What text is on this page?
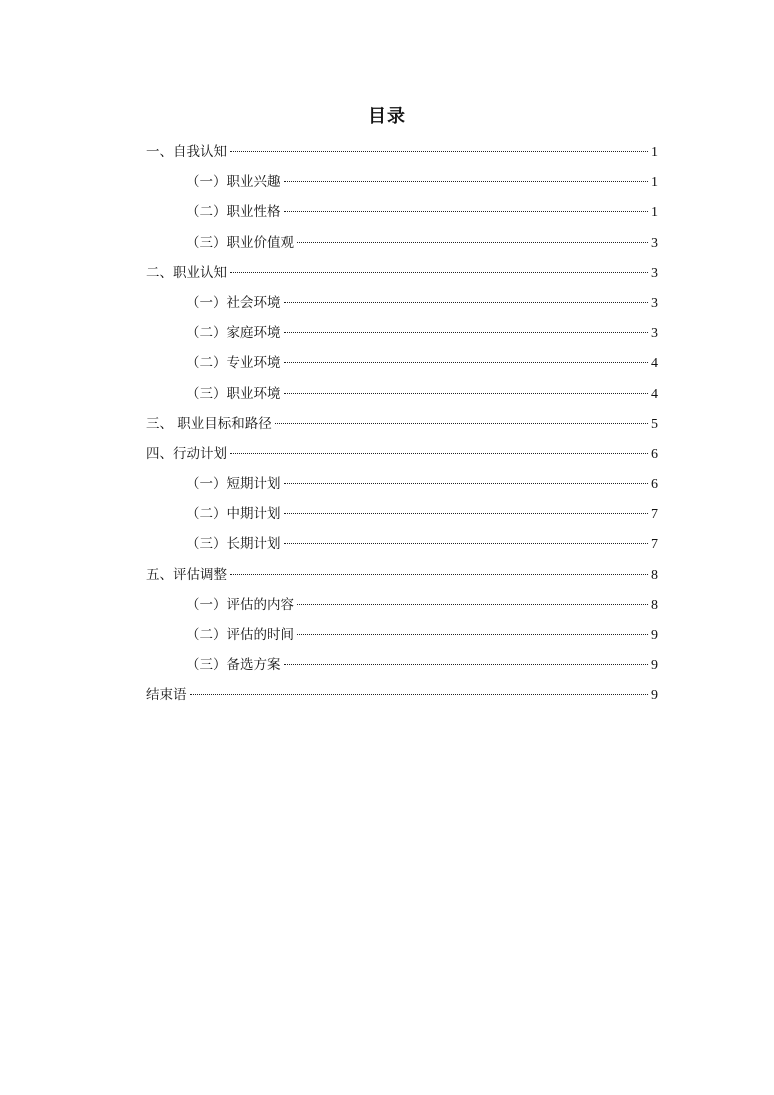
目录
一、自我认知	1
（一）职业兴趣	1
（二）职业性格	1
（三）职业价值观	3
二、职业认知	3
（一）社会环境	3
（二）家庭环境	3
（二）专业环境	4
（三）职业环境	4
三、 职业目标和路径	5
四、行动计划	6
（一）短期计划	6
（二）中期计划	7
（三）长期计划	7
五、评估调整	8
（一）评估的内容	8
（二）评估的时间	9
（三）备选方案	9
结束语	9
